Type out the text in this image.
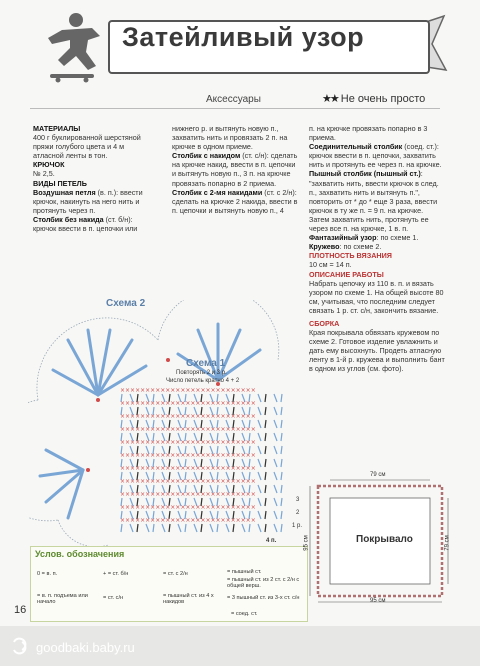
Затейливый узор
Аксессуары	★★ Не очень просто

МАТЕРИАЛЫ

400 г буклированной шерстяной пряжи голубого цвета и 4 м атласной ленты в тон.

КРЮЧОК

№ 2,5.

ВИДЫ ПЕТЕЛЬ

Воздушная петля (в. п.): ввести крючок, накинуть на него нить и протянуть через п.

Столбик без накида (ст. б/н): крючок ввести в п. цепочки или

нижнего р. и вытянуть новую п., захватить нить и провязать 2 п. на крючке в одном приеме.

Столбик с накидом (ст. с/н): сделать на крючке накид, ввести в п. цепочки и вытянуть новую п., 3 п. на крючке провязать попарно в 2 приема.

Столбик с 2-мя накидами (ст. с 2/н): сделать на крючке 2 накида, ввести в п. цепочки и вытянуть новую п., 4

п. на крючке провязать попарно в 3 приема.

Соединительный столбик (соед. ст.): крючок ввести в п. цепочки, захватить нить и протянуть ее через п. на крючке.

Пышный столбик (пышный ст.): "захватить нить, ввести крючок в след. п., захватить нить и вытянуть п.", повторить от * до * еще 3 раза, ввести крючок в ту же п. = 9 п. на крючке. Затем захватить нить, протянуть ее через все п. на крючке, 1 в. п.

Фантазийный узор: по схеме 1.

Кружево: по схеме 2.

ПЛОТНОСТЬ ВЯЗАНИЯ

10 см = 14 п.

ОПИСАНИЕ РАБОТЫ

Набрать цепочку из 110 в. п. и вязать узором по схеме 1. На общей высоте 80 см, учитывая, что последним следует связать 1 р. ст. с/н, закончить вязание.

СБОРКА

Края покрывала обвязать кружевом по схеме 2. Готовое изделие увлажнить и дать ему высохнуть. Продеть атласную ленту в 1-й р. кружева и выполнить бант в одном из углов (см. фото).

Схема 2
Схема 1
Повторять 2 и 3 р.
Число петель кратно 4 + 2
×××××××××××××××××××××××××××
×××××××××××××××××××××××××××
×××××××××××××××××××××××××××
×××××××××××××××××××××××××××
×××××××××××××××××××××××××××
×××××××××××××××××××××××××××
×××××××××××××××××××××××××××
×××××××××××××××××××××××××××
×××××××××××××××××××××××××××
×××××××××××××××××××××××××××
×××××××××××××××××××××××××××
3
2
1 р.
4 п.
Услов. обозначения
0 = в. п.	+ = ст. б/н	= ст. с 2/н	= пышный ст.
= пышный ст. из 2 ст. с 2/н с общей верш.
= в. п. подъема или начало
= ст. с/н	= пышный ст. из 4 х накидов
= 3 пышный ст. из 3-х ст. с/н
= соед. ст.
79 см
95 см
95 см	79 см
Покрывало
16
goodbaki.baby.ru
